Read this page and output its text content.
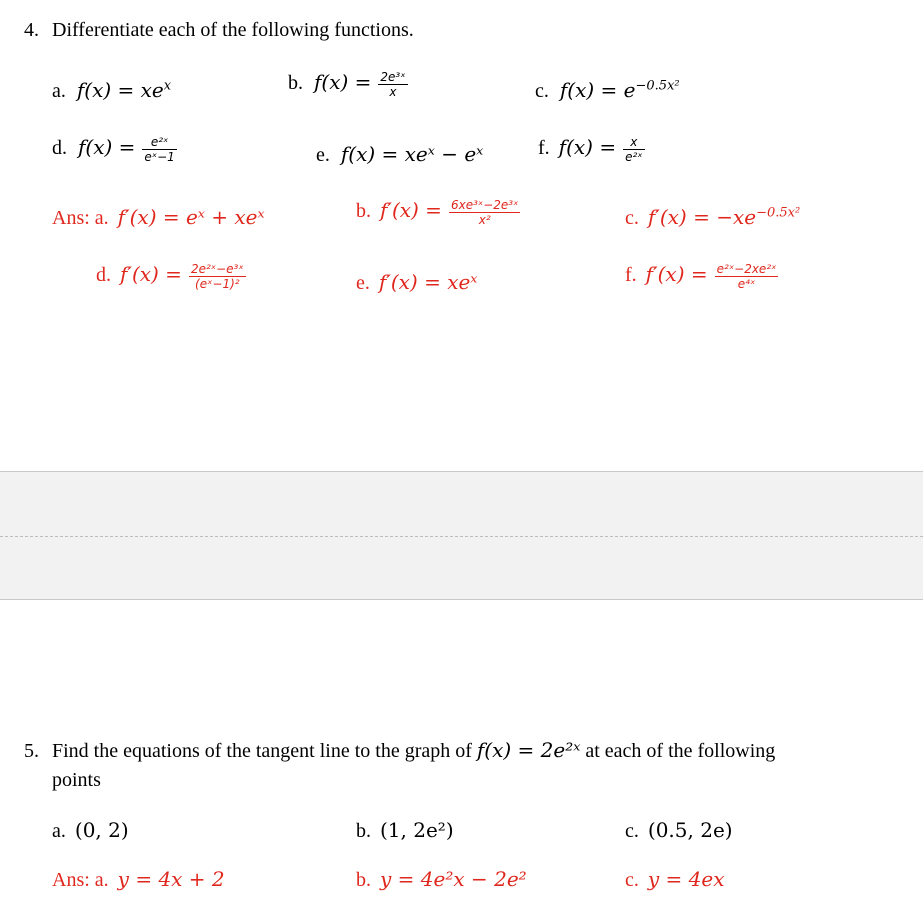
4. Differentiate each of the following functions.
a. $f(x) = xe^x$	b. $f(x) = \frac{\text{2e³ˣ}}{x}$	c. $f(x) = e^{-0.5x^2}$
d. $f(x) = \frac{\text{e²ˣ}}{\text{eˣ−1}}$	e. f(x) = xeˣ − eˣ	f. $f(x) = \frac{x}{\text{e²ˣ}}$
Ans: a. f′(x) = eˣ + xeˣ	b. $f'(x) = \frac{\text{6xe³ˣ−2e³ˣ}}{\text{x²}}$	c. $f'(x) = -xe^{-0.5x^2}$
d. $f'(x) = \frac{\text{2e²ˣ−e³ˣ}}{\text{(eˣ−1)²}}$	e. f′(x) = xeˣ	f. $f'(x) = \frac{\text{e²ˣ−2xe²ˣ}}{\text{e⁴ˣ}}$
5. Find the equations of the tangent line to the graph of f(x) = 2e²ˣ at each of the following
points
a. (0, 2)	b. (1, 2e²)	c. (0.5, 2e)
Ans: a. y = 4x + 2	b. y = 4e²x − 2e²	c. y = 4ex
